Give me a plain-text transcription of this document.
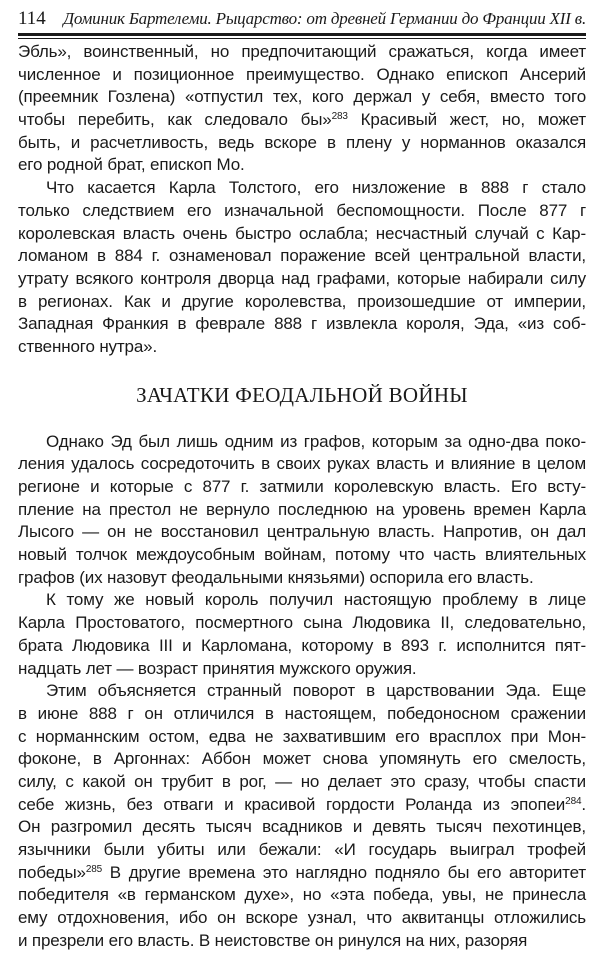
114 Доминик Бартелеми. Рыцарство: от древней Германии до Франции XII в.
Эбль», воинственный, но предпочитающий сражаться, когда имеет
численное и позиционное преимущество. Однако епископ Ансерий
(преемник Гозлена) «отпустил тех, кого держал у себя, вместо того
чтобы перебить, как следовало бы»$^{283}$ Красивый жест, но, может
быть, и расчетливость, ведь вскоре в плену у норманнов оказался
его родной брат, епископ Мо.
Что касается Карла Толстого, его низложение в 888 г стало
только следствием его изначальной беспомощности. После 877 г
королевская власть очень быстро ослабла; несчастный случай с Кар-
ломаном в 884 г. ознаменовал поражение всей центральной власти,
утрату всякого контроля дворца над графами, которые набирали силу
в регионах. Как и другие королевства, произошедшие от империи,
Западная Франкия в феврале 888 г извлекла короля, Эда, «из соб-
ственного нутра».
ЗАЧАТКИ ФЕОДАЛЬНОЙ ВОЙНЫ
Однако Эд был лишь одним из графов, которым за одно-два поко-
ления удалось сосредоточить в своих руках власть и влияние в целом
регионе и которые с 877 г. затмили королевскую власть. Его всту-
пление на престол не вернуло последнюю на уровень времен Карла
Лысого — он не восстановил центральную власть. Напротив, он дал
новый толчок междоусобным войнам, потому что часть влиятельных
графов (их назовут феодальными князьями) оспорила его власть.
К тому же новый король получил настоящую проблему в лице
Карла Простоватого, посмертного сына Людовика II, следовательно,
брата Людовика III и Карломана, которому в 893 г. исполнится пят-
надцать лет — возраст принятия мужского оружия.
Этим объясняется странный поворот в царствовании Эда. Еще
в июне 888 г он отличился в настоящем, победоносном сражении
с норманнским остом, едва не захватившим его врасплох при Мон-
фоконе, в Аргоннах: Аббон может снова упомянуть его смелость,
силу, с какой он трубит в рог, — но делает это сразу, чтобы спасти
себе жизнь, без отваги и красивой гордости Роланда из эпопеи$^{284}$.
Он разгромил десять тысяч всадников и девять тысяч пехотинцев,
язычники были убиты или бежали: «И государь выиграл трофей
победы»$^{285}$ В другие времена это наглядно подняло бы его авторитет
победителя «в германском духе», но «эта победа, увы, не принесла
ему отдохновения, ибо он вскоре узнал, что аквитанцы отложились
и презрели его власть. В неистовстве он ринулся на них, разоряя
